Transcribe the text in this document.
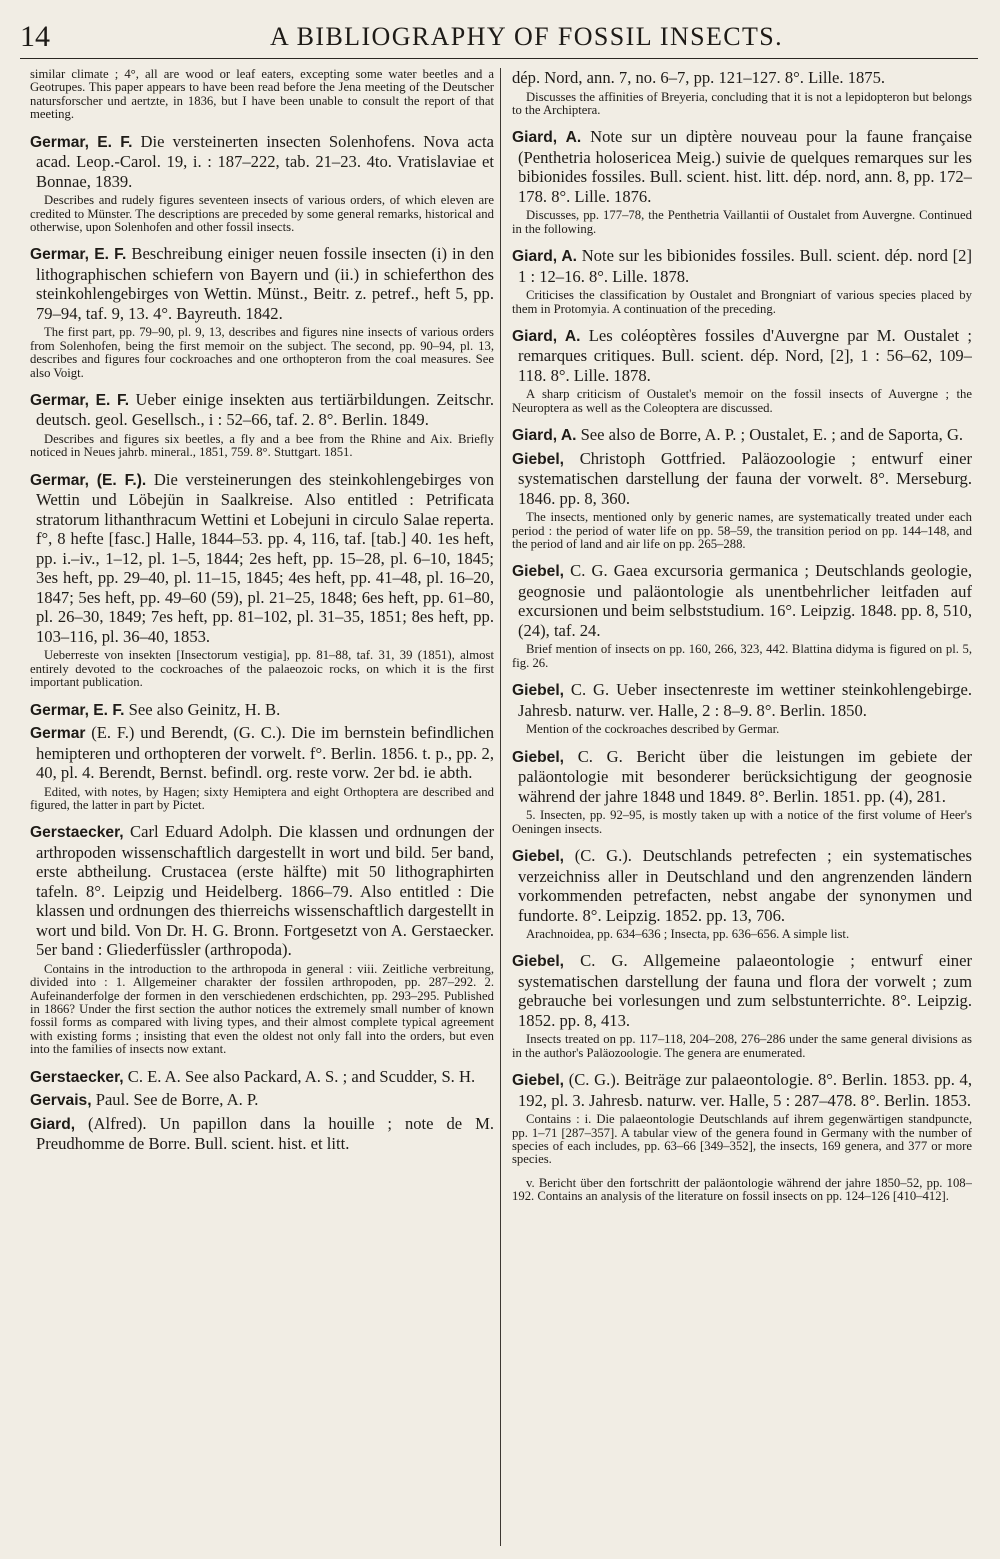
14	A BIBLIOGRAPHY OF FOSSIL INSECTS.

similar climate ; 4°, all are wood or leaf eaters, excepting some water beetles and a Geotrupes. This paper appears to have been read before the Jena meeting of the Deutscher natursforscher und aertzte, in 1836, but I have been unable to consult the report of that meeting.

Germar, E. F. Die versteinerten insecten Solenhofens. Nova acta acad. Leop.-Carol. 19, i. : 187–222, tab. 21–23. 4to. Vratislaviae et Bonnae, 1839.

Describes and rudely figures seventeen insects of various orders, of which eleven are credited to Münster. The descriptions are preceded by some general remarks, historical and otherwise, upon Solenhofen and other fossil insects.

Germar, E. F. Beschreibung einiger neuen fossile insecten (i) in den lithographischen schiefern von Bayern und (ii.) in schieferthon des steinkohlengebirges von Wettin. Münst., Beitr. z. petref., heft 5, pp. 79–94, taf. 9, 13. 4°. Bayreuth. 1842.

The first part, pp. 79–90, pl. 9, 13, describes and figures nine insects of various orders from Solenhofen, being the first memoir on the subject. The second, pp. 90–94, pl. 13, describes and figures four cockroaches and one orthopteron from the coal measures. See also Voigt.

Germar, E. F. Ueber einige insekten aus tertiärbildungen. Zeitschr. deutsch. geol. Gesellsch., i : 52–66, taf. 2. 8°. Berlin. 1849.

Describes and figures six beetles, a fly and a bee from the Rhine and Aix. Briefly noticed in Neues jahrb. mineral., 1851, 759. 8°. Stuttgart. 1851.

Germar, (E. F.). Die versteinerungen des steinkohlengebirges von Wettin und Löbejün in Saalkreise. Also entitled : Petrificata stratorum lithanthracum Wettini et Lobejuni in circulo Salae reperta. f°, 8 hefte [fasc.] Halle, 1844–53. pp. 4, 116, taf. [tab.] 40. 1es heft, pp. i.–iv., 1–12, pl. 1–5, 1844; 2es heft, pp. 15–28, pl. 6–10, 1845; 3es heft, pp. 29–40, pl. 11–15, 1845; 4es heft, pp. 41–48, pl. 16–20, 1847; 5es heft, pp. 49–60 (59), pl. 21–25, 1848; 6es heft, pp. 61–80, pl. 26–30, 1849; 7es heft, pp. 81–102, pl. 31–35, 1851; 8es heft, pp. 103–116, pl. 36–40, 1853.

Ueberreste von insekten [Insectorum vestigia], pp. 81–88, taf. 31, 39 (1851), almost entirely devoted to the cockroaches of the palaeozoic rocks, on which it is the first important publication.

Germar, E. F. See also Geinitz, H. B.

Germar (E. F.) und Berendt, (G. C.). Die im bernstein befindlichen hemipteren und orthopteren der vorwelt. f°. Berlin. 1856. t. p., pp. 2, 40, pl. 4. Berendt, Bernst. befindl. org. reste vorw. 2er bd. ie abth.

Edited, with notes, by Hagen; sixty Hemiptera and eight Orthoptera are described and figured, the latter in part by Pictet.

Gerstaecker, Carl Eduard Adolph. Die klassen und ordnungen der arthropoden wissenschaftlich dargestellt in wort und bild. 5er band, erste abtheilung. Crustacea (erste hälfte) mit 50 lithographirten tafeln. 8°. Leipzig und Heidelberg. 1866–79. Also entitled : Die klassen und ordnungen des thierreichs wissenschaftlich dargestellt in wort und bild. Von Dr. H. G. Bronn. Fortgesetzt von A. Gerstaecker. 5er band : Gliederfüssler (arthropoda).

Contains in the introduction to the arthropoda in general : viii. Zeitliche verbreitung, divided into : 1. Allgemeiner charakter der fossilen arthropoden, pp. 287–292. 2. Aufeinanderfolge der formen in den verschiedenen erdschichten, pp. 293–295. Published in 1866? Under the first section the author notices the extremely small number of known fossil forms as compared with living types, and their almost complete typical agreement with existing forms ; insisting that even the oldest not only fall into the orders, but even into the families of insects now extant.

Gerstaecker, C. E. A. See also Packard, A. S. ; and Scudder, S. H.

Gervais, Paul. See de Borre, A. P.

Giard, (Alfred). Un papillon dans la houille ; note de M. Preudhomme de Borre. Bull. scient. hist. et litt.

dép. Nord, ann. 7, no. 6–7, pp. 121–127. 8°. Lille. 1875.

Discusses the affinities of Breyeria, concluding that it is not a lepidopteron but belongs to the Archiptera.

Giard, A. Note sur un diptère nouveau pour la faune française (Penthetria holosericea Meig.) suivie de quelques remarques sur les bibionides fossiles. Bull. scient. hist. litt. dép. nord, ann. 8, pp. 172–178. 8°. Lille. 1876.

Discusses, pp. 177–78, the Penthetria Vaillantii of Oustalet from Auvergne. Continued in the following.

Giard, A. Note sur les bibionides fossiles. Bull. scient. dép. nord [2] 1 : 12–16. 8°. Lille. 1878.

Criticises the classification by Oustalet and Brongniart of various species placed by them in Protomyia. A continuation of the preceding.

Giard, A. Les coléoptères fossiles d'Auvergne par M. Oustalet ; remarques critiques. Bull. scient. dép. Nord, [2], 1 : 56–62, 109–118. 8°. Lille. 1878.

A sharp criticism of Oustalet's memoir on the fossil insects of Auvergne ; the Neuroptera as well as the Coleoptera are discussed.

Giard, A. See also de Borre, A. P. ; Oustalet, E. ; and de Saporta, G.

Giebel, Christoph Gottfried. Paläozoologie ; entwurf einer systematischen darstellung der fauna der vorwelt. 8°. Merseburg. 1846. pp. 8, 360.

The insects, mentioned only by generic names, are systematically treated under each period : the period of water life on pp. 58–59, the transition period on pp. 144–148, and the period of land and air life on pp. 265–288.

Giebel, C. G. Gaea excursoria germanica ; Deutschlands geologie, geognosie und paläontologie als unentbehrlicher leitfaden auf excursionen und beim selbststudium. 16°. Leipzig. 1848. pp. 8, 510, (24), taf. 24.

Brief mention of insects on pp. 160, 266, 323, 442. Blattina didyma is figured on pl. 5, fig. 26.

Giebel, C. G. Ueber insectenreste im wettiner steinkohlengebirge. Jahresb. naturw. ver. Halle, 2 : 8–9. 8°. Berlin. 1850.

Mention of the cockroaches described by Germar.

Giebel, C. G. Bericht über die leistungen im gebiete der paläontologie mit besonderer berücksichtigung der geognosie während der jahre 1848 und 1849. 8°. Berlin. 1851. pp. (4), 281.

5. Insecten, pp. 92–95, is mostly taken up with a notice of the first volume of Heer's Oeningen insects.

Giebel, (C. G.). Deutschlands petrefecten ; ein systematisches verzeichniss aller in Deutschland und den angrenzenden ländern vorkommenden petrefacten, nebst angabe der synonymen und fundorte. 8°. Leipzig. 1852. pp. 13, 706.

Arachnoidea, pp. 634–636 ; Insecta, pp. 636–656. A simple list.

Giebel, C. G. Allgemeine palaeontologie ; entwurf einer systematischen darstellung der fauna und flora der vorwelt ; zum gebrauche bei vorlesungen und zum selbstunterrichte. 8°. Leipzig. 1852. pp. 8, 413.

Insects treated on pp. 117–118, 204–208, 276–286 under the same general divisions as in the author's Paläozoologie. The genera are enumerated.

Giebel, (C. G.). Beiträge zur palaeontologie. 8°. Berlin. 1853. pp. 4, 192, pl. 3. Jahresb. naturw. ver. Halle, 5 : 287–478. 8°. Berlin. 1853.

Contains : i. Die palaeontologie Deutschlands auf ihrem gegenwärtigen standpuncte, pp. 1–71 [287–357]. A tabular view of the genera found in Germany with the number of species of each includes, pp. 63–66 [349–352], the insects, 169 genera, and 377 or more species.

v. Bericht über den fortschritt der paläontologie während der jahre 1850–52, pp. 108–192. Contains an analysis of the literature on fossil insects on pp. 124–126 [410–412].
